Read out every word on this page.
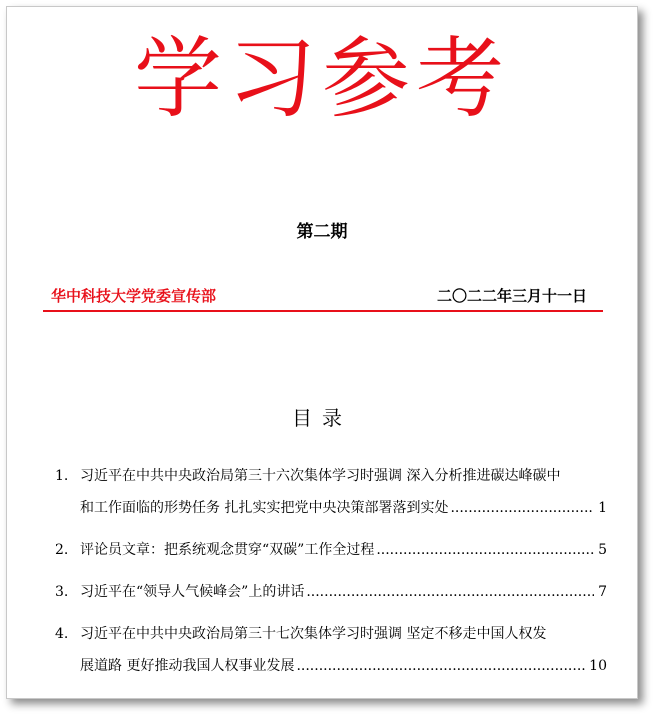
学习参考
第二期
华中科技大学党委宣传部	二〇二二年三月十一日
目录
1. 习近平在中共中央政治局第三十六次集体学习时强调 深入分析推进碳达峰碳中
和工作面临的形势任务 扎扎实实把党中央决策部署落到实处 .....	1
2. 评论员文章：把系统观念贯穿“双碳”工作全过程 .....	5
3. 习近平在“领导人气候峰会”上的讲话 .....	7
4. 习近平在中共中央政治局第三十七次集体学习时强调 坚定不移走中国人权发
展道路 更好推动我国人权事业发展 .....	10
